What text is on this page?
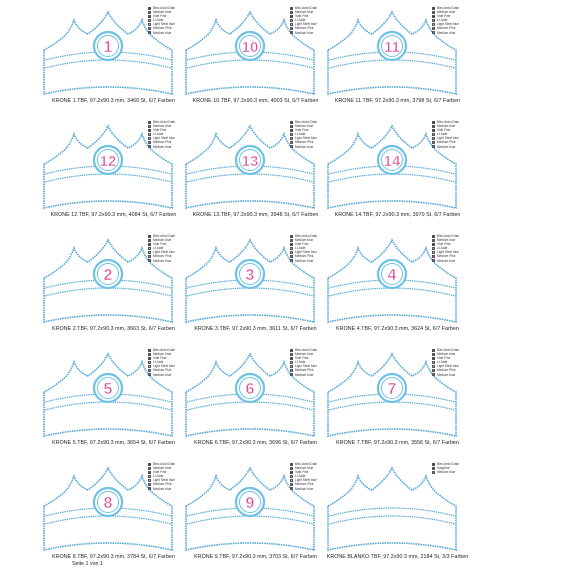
1
Bleu Ardoi Dark
Medium blue
Vide Fine
Lt Jade
Light Steel blue
Medium Pink
Medium blue
KRONE 1.TBF, 97.2x90.3 mm, 3460 St, 6/7 Farben
10
Bleu Ardoi Dark
Medium blue
Vide Fine
Lt Jade
Light Steel blue
Medium Pink
Medium blue
KRONE 10.TBF, 97.2x90.3 mm, 4003 St, 6/7 Farben
11
Bleu Ardoi Dark
Medium blue
Vide Fine
Lt Jade
Light Steel blue
Medium Pink
Medium blue
KRONE 11.TBF, 97.2x90.3 mm, 3798 St, 6/7 Farben
12
Bleu Ardoi Dark
Medium blue
Vide Fine
Lt Jade
Light Steel blue
Medium Pink
Medium blue
KRONE 12.TBF, 97.2x90.3 mm, 4084 St, 6/7 Farben
13
Bleu Ardoi Dark
Medium blue
Vide Fine
Lt Jade
Light Steel blue
Medium Pink
Medium blue
KRONE 13.TBF, 97.2x90.3 mm, 3948 St, 6/7 Farben
14
Bleu Ardoi Dark
Medium blue
Vide Fine
Lt Jade
Light Steel blue
Medium Pink
Medium blue
KRONE 14.TBF, 97.2x90.3 mm, 3970 St, 6/7 Farben
2
Bleu Ardoi Dark
Medium blue
Vide Fine
Lt Jade
Light Steel blue
Medium Pink
Medium blue
KRONE 2.TBF, 97.2x90.3 mm, 3663 St, 6/7 Farben
3
Bleu Ardoi Dark
Medium blue
Vide Fine
Lt Jade
Light Steel blue
Medium Pink
Medium blue
KRONE 3.TBF, 97.2x90.3 mm, 3611 St, 6/7 Farben
4
Bleu Ardoi Dark
Medium blue
Vide Fine
Lt Jade
Light Steel blue
Medium Pink
Medium blue
KRONE 4.TBF, 97.2x90.3 mm, 3624 St, 6/7 Farben
5
Bleu Ardoi Dark
Medium blue
Vide Fine
Lt Jade
Light Steel blue
Medium Pink
Medium blue
KRONE 5.TBF, 97.2x90.3 mm, 3654 St, 6/7 Farben
6
Bleu Ardoi Dark
Medium blue
Vide Fine
Lt Jade
Light Steel blue
Medium Pink
Medium blue
KRONE 6.TBF, 97.2x90.3 mm, 3696 St, 6/7 Farben
7
Bleu Ardoi Dark
Medium blue
Vide Fine
Lt Jade
Light Steel blue
Medium Pink
Medium blue
KRONE 7.TBF, 97.2x90.3 mm, 3556 St, 6/7 Farben
8
Bleu Ardoi Dark
Medium blue
Vide Fine
Lt Jade
Light Steel blue
Medium Pink
Medium blue
KRONE 8.TBF, 97.2x90.3 mm, 3784 St, 6/7 Farben
9
Bleu Ardoi Dark
Medium blue
Vide Fine
Lt Jade
Light Steel blue
Medium Pink
Medium blue
KRONE 9.TBF, 97.2x90.3 mm, 3703 St, 6/7 Farben
Bleu Ardoi Dark
Sapphire
Medium blue
KRONE BLANKO.TBF, 97.2x90.3 mm, 2184 St, 3/3 Farben
Seite 1 von 1
